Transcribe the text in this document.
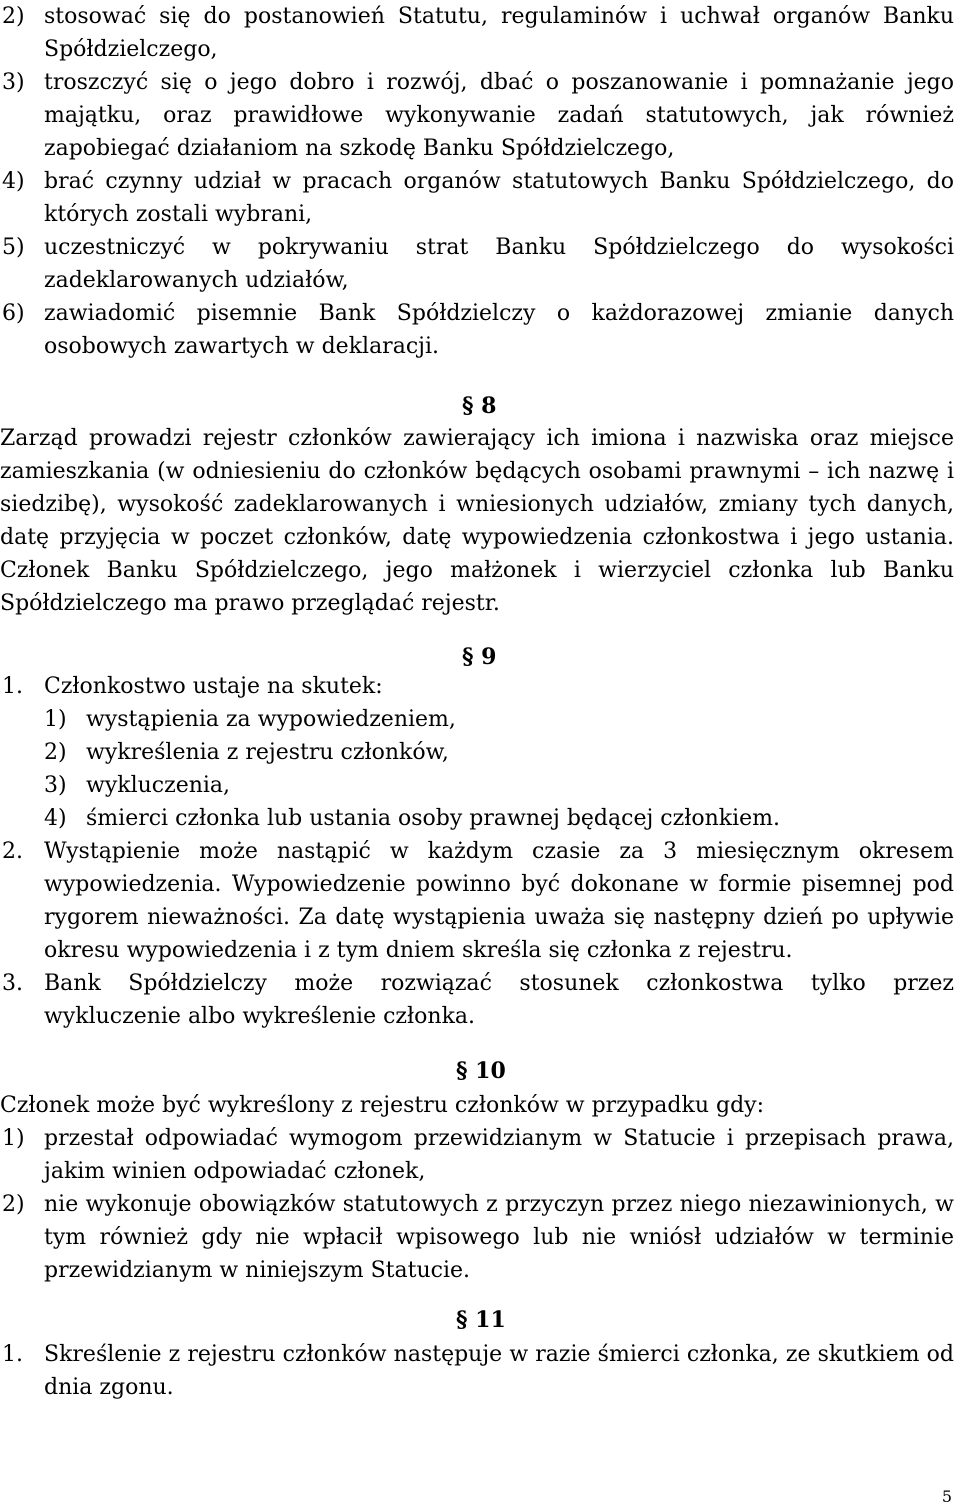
2) stosować się do postanowień Statutu, regulaminów i uchwał organów Banku Spółdzielczego,
3) troszczyć się o jego dobro i rozwój, dbać o poszanowanie i pomnażanie jego majątku, oraz prawidłowe wykonywanie zadań statutowych, jak również zapobiegać działaniom na szkodę Banku Spółdzielczego,
4) brać czynny udział w pracach organów statutowych Banku Spółdzielczego, do których zostali wybrani,
5) uczestniczyć w pokrywaniu strat Banku Spółdzielczego do wysokości zadeklarowanych udziałów,
6) zawiadomić pisemnie Bank Spółdzielczy o każdorazowej zmianie danych osobowych zawartych w deklaracji.
§ 8
Zarząd prowadzi rejestr członków zawierający ich imiona i nazwiska oraz miejsce zamieszkania (w odniesieniu do członków będących osobami prawnymi – ich nazwę i siedzibę), wysokość zadeklarowanych i wniesionych udziałów, zmiany tych danych, datę przyjęcia w poczet członków, datę wypowiedzenia członkostwa i jego ustania. Członek Banku Spółdzielczego, jego małżonek i wierzyciel członka lub Banku Spółdzielczego ma prawo przeglądać rejestr.
§ 9
1. Członkostwo ustaje na skutek:
1) wystąpienia za wypowiedzeniem,
2) wykreślenia z rejestru członków,
3) wykluczenia,
4) śmierci członka lub ustania osoby prawnej będącej członkiem.
2. Wystąpienie może nastąpić w każdym czasie za 3 miesięcznym okresem wypowiedzenia. Wypowiedzenie powinno być dokonane w formie pisemnej pod rygorem nieważności. Za datę wystąpienia uważa się następny dzień po upływie okresu wypowiedzenia i z tym dniem skreśla się członka z rejestru.
3. Bank Spółdzielczy może rozwiązać stosunek członkostwa tylko przez wykluczenie albo wykreślenie członka.
§ 10
Członek może być wykreślony z rejestru członków w przypadku gdy:
1) przestał odpowiadać wymogom przewidzianym w Statucie i przepisach prawa, jakim winien odpowiadać członek,
2) nie wykonuje obowiązków statutowych z przyczyn przez niego niezawinionych, w tym również gdy nie wpłacił wpisowego lub nie wniósł udziałów w terminie przewidzianym w niniejszym Statucie.
§ 11
1. Skreślenie z rejestru członków następuje w razie śmierci członka, ze skutkiem od dnia zgonu.
5
